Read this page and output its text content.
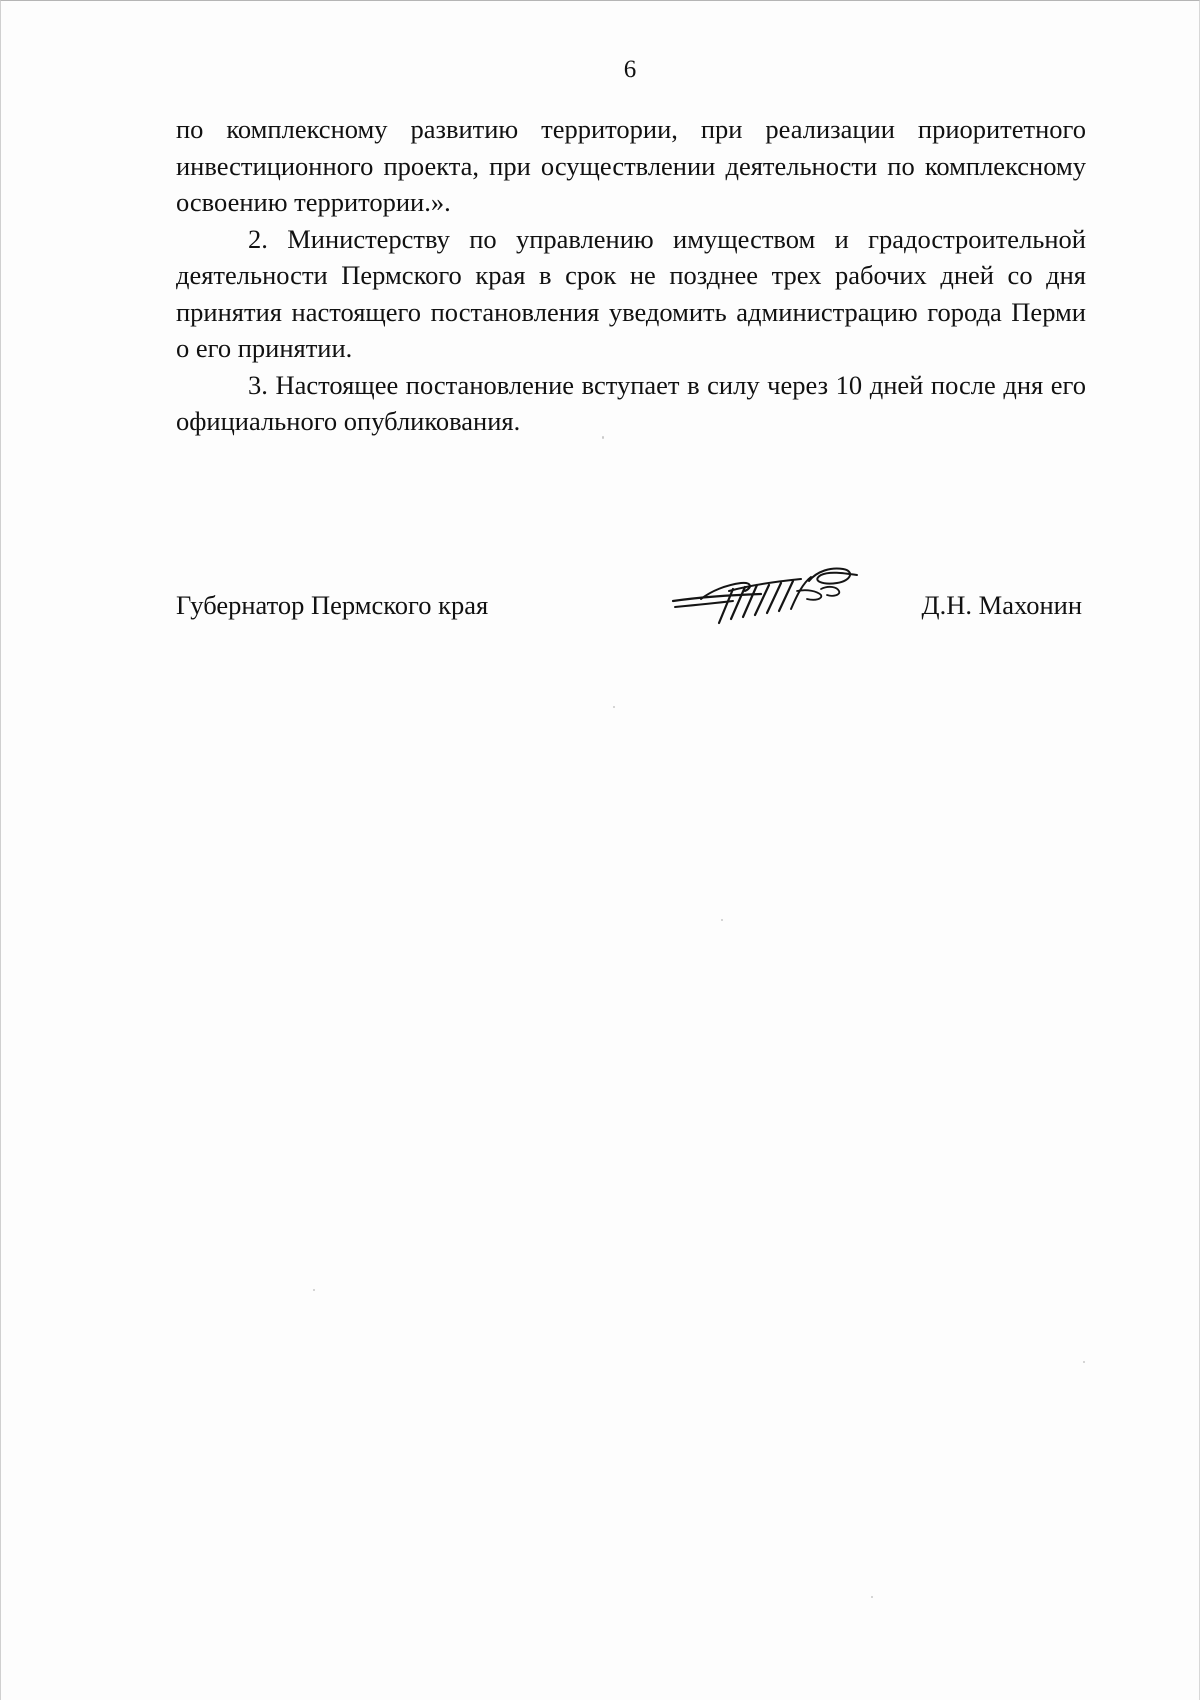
6

по комплексному развитию территории, при реализации приоритетного инвестиционного проекта, при осуществлении деятельности по комплексному освоению территории.».

2. Министерству по управлению имуществом и градостроительной деятельности Пермского края в срок не позднее трех рабочих дней со дня принятия настоящего постановления уведомить администрацию города Перми о его принятии.

3. Настоящее постановление вступает в силу через 10 дней после дня его официального опубликования.

Губернатор Пермского края	Д.Н. Махонин
